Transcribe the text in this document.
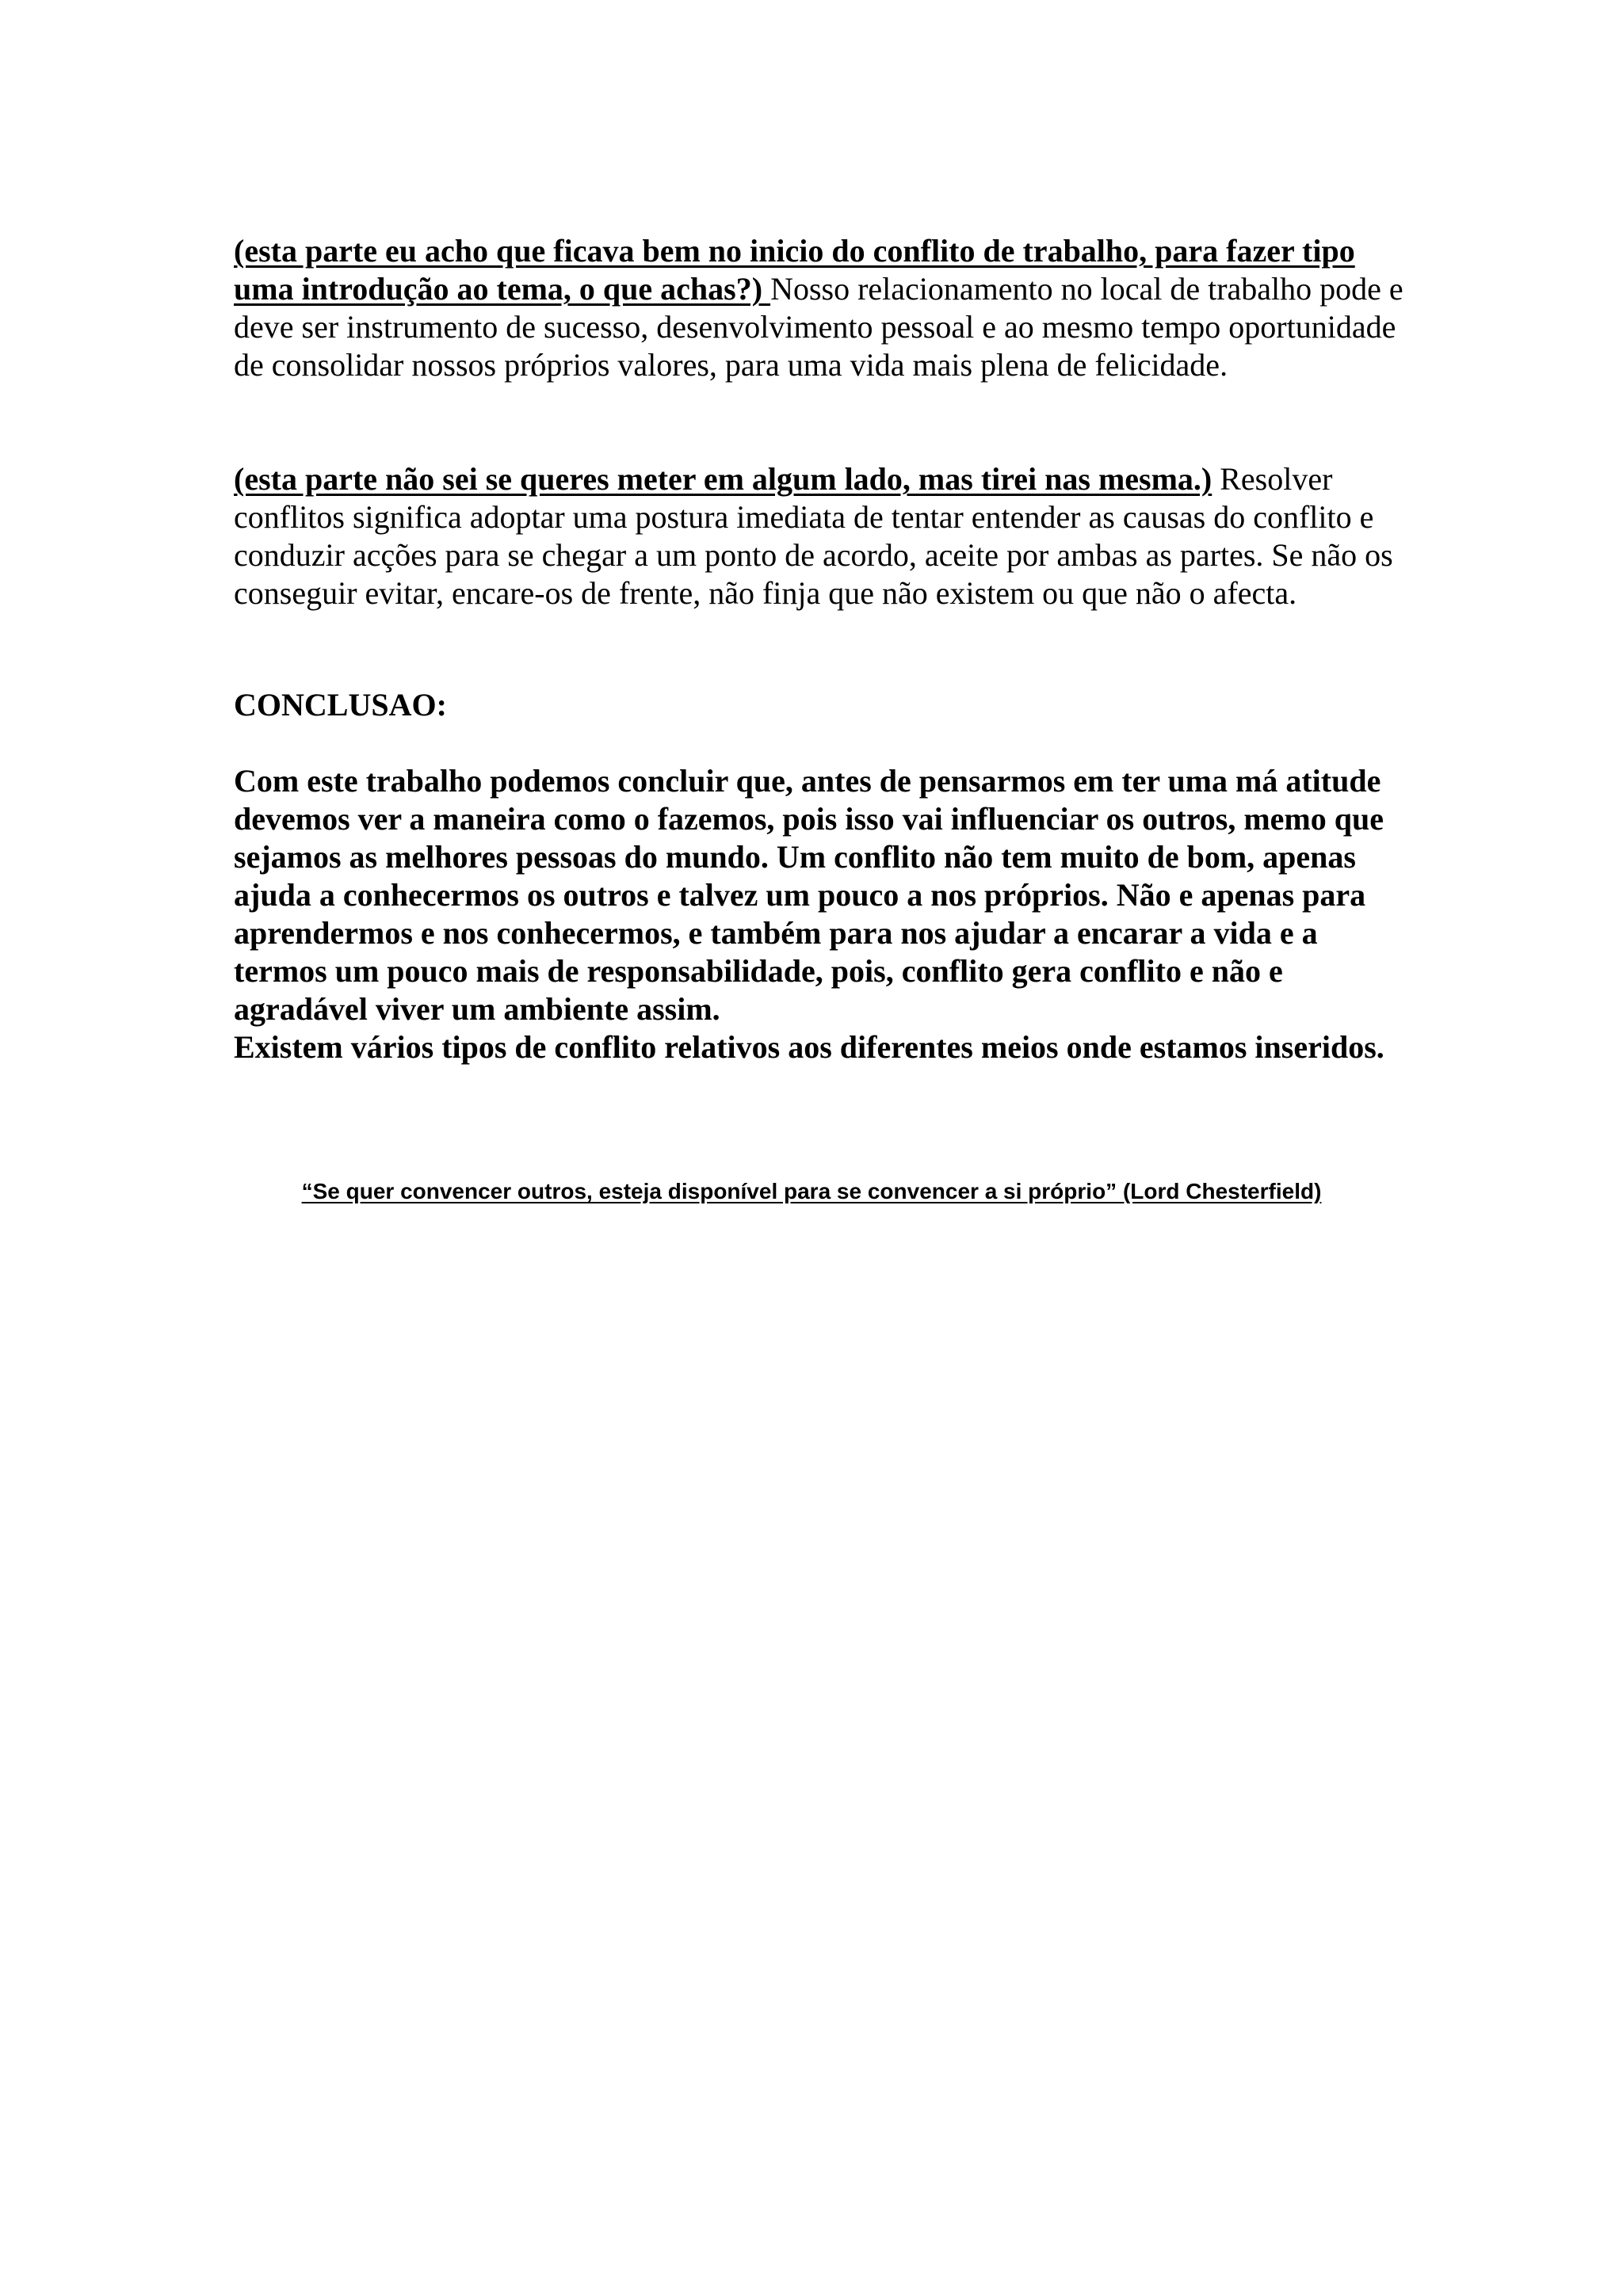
(esta parte eu acho que ficava bem no inicio do conflito de trabalho, para fazer tipo uma introdução ao tema, o que achas?) Nosso relacionamento no local de trabalho pode e deve ser instrumento de sucesso, desenvolvimento pessoal e ao mesmo tempo oportunidade de consolidar nossos próprios valores, para uma vida mais plena de felicidade.

(esta parte não sei se queres meter em algum lado, mas tirei nas mesma.) Resolver conflitos significa adoptar uma postura imediata de tentar entender as causas do conflito e conduzir acções para se chegar a um ponto de acordo, aceite por ambas as partes. Se não os conseguir evitar, encare-os de frente, não finja que não existem ou que não o afecta.

CONCLUSAO:

Com este trabalho podemos concluir que, antes de pensarmos em ter uma má atitude devemos ver a maneira como o fazemos, pois isso vai influenciar os outros, memo que sejamos as melhores pessoas do mundo. Um conflito não tem muito de bom, apenas ajuda a conhecermos os outros e talvez um pouco a nos próprios. Não e apenas para aprendermos e nos conhecermos, e também para nos ajudar a encarar a vida e a termos um pouco mais de responsabilidade, pois, conflito gera conflito e não e agradável viver um ambiente assim.

Existem vários tipos de conflito relativos aos diferentes meios onde estamos inseridos.

“Se quer convencer outros, esteja disponível para se convencer a si próprio” (Lord Chesterfield)
